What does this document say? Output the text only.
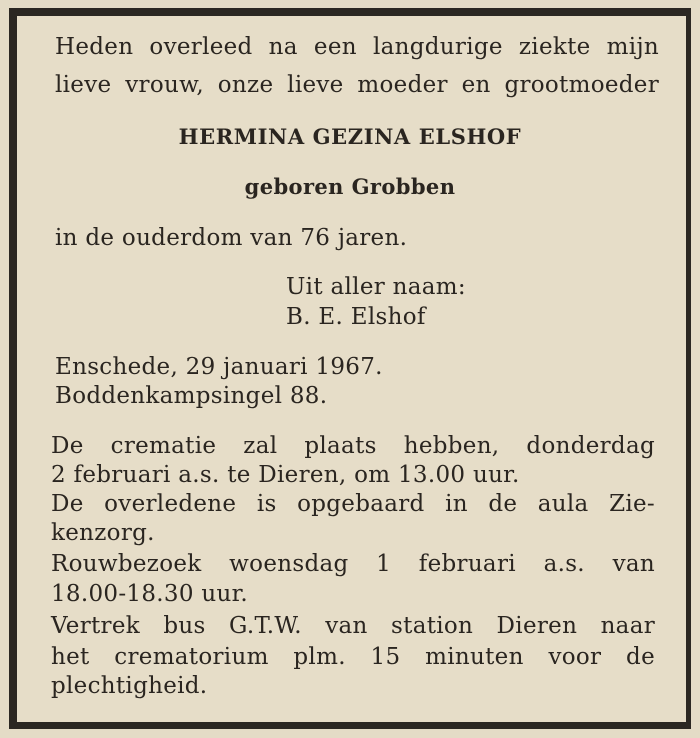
Heden overleed na een langdurige ziekte mijn
lieve vrouw, onze lieve moeder en grootmoeder
HERMINA GEZINA ELSHOF
geboren Grobben
in de ouderdom van 76 jaren.
Uit aller naam:
B. E. Elshof
Enschede, 29 januari 1967.
Boddenkampsingel 88.
De crematie zal plaats hebben, donderdag
2 februari a.s. te Dieren, om 13.00 uur.
De overledene is opgebaard in de aula Zie-
kenzorg.
Rouwbezoek woensdag 1 februari a.s. van
18.00-18.30 uur.
Vertrek bus G.T.W. van station Dieren naar
het crematorium plm. 15 minuten voor de
plechtigheid.
